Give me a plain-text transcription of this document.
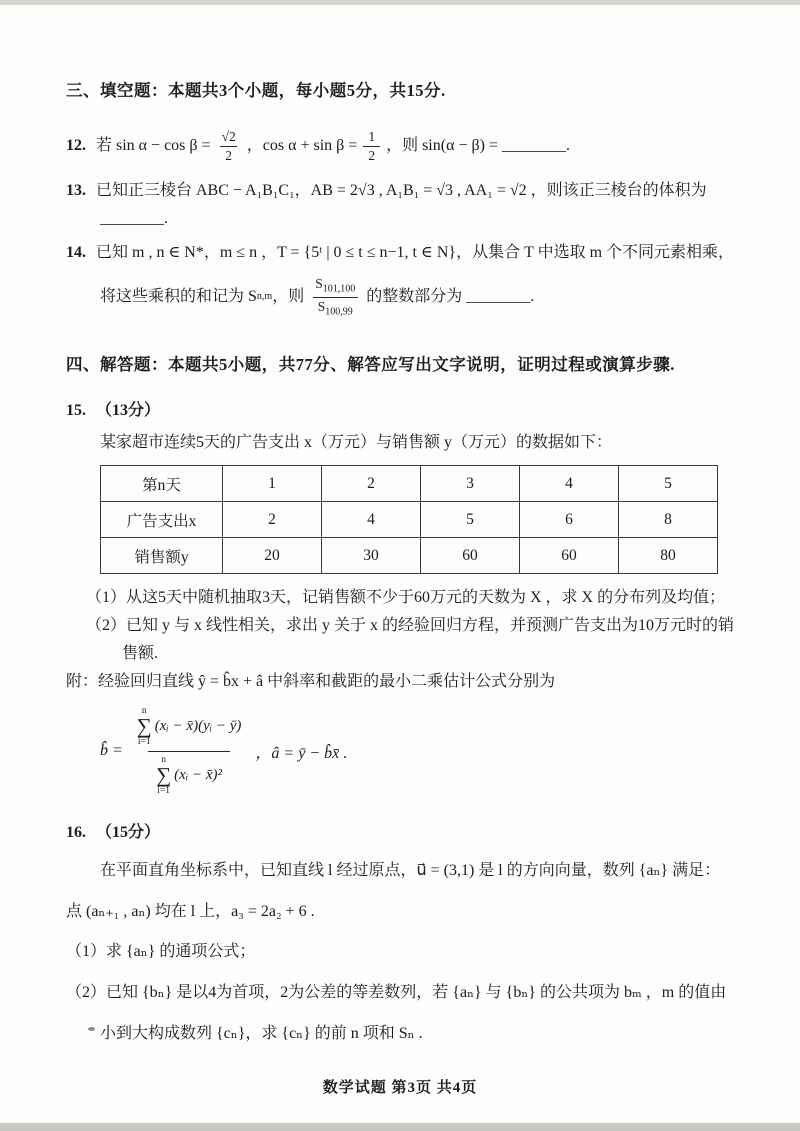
三、填空题：本题共3个小题，每小题5分，共15分.
12. 若 $\sin \alpha - \cos \beta = \frac{√2}{2}$ ，$\cos \alpha + \sin \beta = \frac{1}{2}$ ，则 sin(α − β) = ________.
13. 已知正三棱台 ABC − A₁B₁C₁，AB = 2√3 , A₁B₁ = √3 , AA₁ = √2 ，则该正三棱台的体积为
________.
14. 已知 m , n ∈ N*，m ≤ n ，T = {5ᵗ | 0 ≤ t ≤ n−1, t ∈ N}，从集合 T 中选取 m 个不同元素相乘，
将这些乘积的和记为 S n,m ，则 $\frac{S_{101,100}}{S_{100,99}}$ 的整数部分为 ________.
四、解答题：本题共5小题，共77分、解答应写出文字说明，证明过程或演算步骤.
15. （13分）
某家超市连续5天的广告支出 x（万元）与销售额 y（万元）的数据如下：
第n天	1	2	3	4	5
广告支出x	2	4	5	6	8
销售额y	20	30	60	60	80
（1）从这5天中随机抽取3天，记销售额不少于60万元的天数为 X ，求 X 的分布列及均值；
（2）已知 y 与 x 线性相关，求出 y 关于 x 的经验回归方程，并预测广告支出为10万元时的销
售额.
附：经验回归直线 ŷ = b̂x + â 中斜率和截距的最小二乘估计公式分别为
b̂ =
n
∑
i=1
(xᵢ − x̄)(yᵢ − ȳ)
n
∑
i=1
(xᵢ − x̄)²
，â = ȳ − b̂x̄ .
16. （15分）
在平面直角坐标系中，已知直线 l 经过原点，u⃗ = (3,1) 是 l 的方向向量，数列 {aₙ} 满足：
点 (aₙ₊₁ , aₙ) 均在 l 上，a₃ = 2a₂ + 6 .
（1）求 {aₙ} 的通项公式；
（2）已知 {bₙ} 是以4为首项，2为公差的等差数列，若 {aₙ} 与 {bₙ} 的公共项为 bₘ ，m 的值由
小到大构成数列 {cₙ}，求 {cₙ} 的前 n 项和 Sₙ .
数学试题 第3页 共4页
